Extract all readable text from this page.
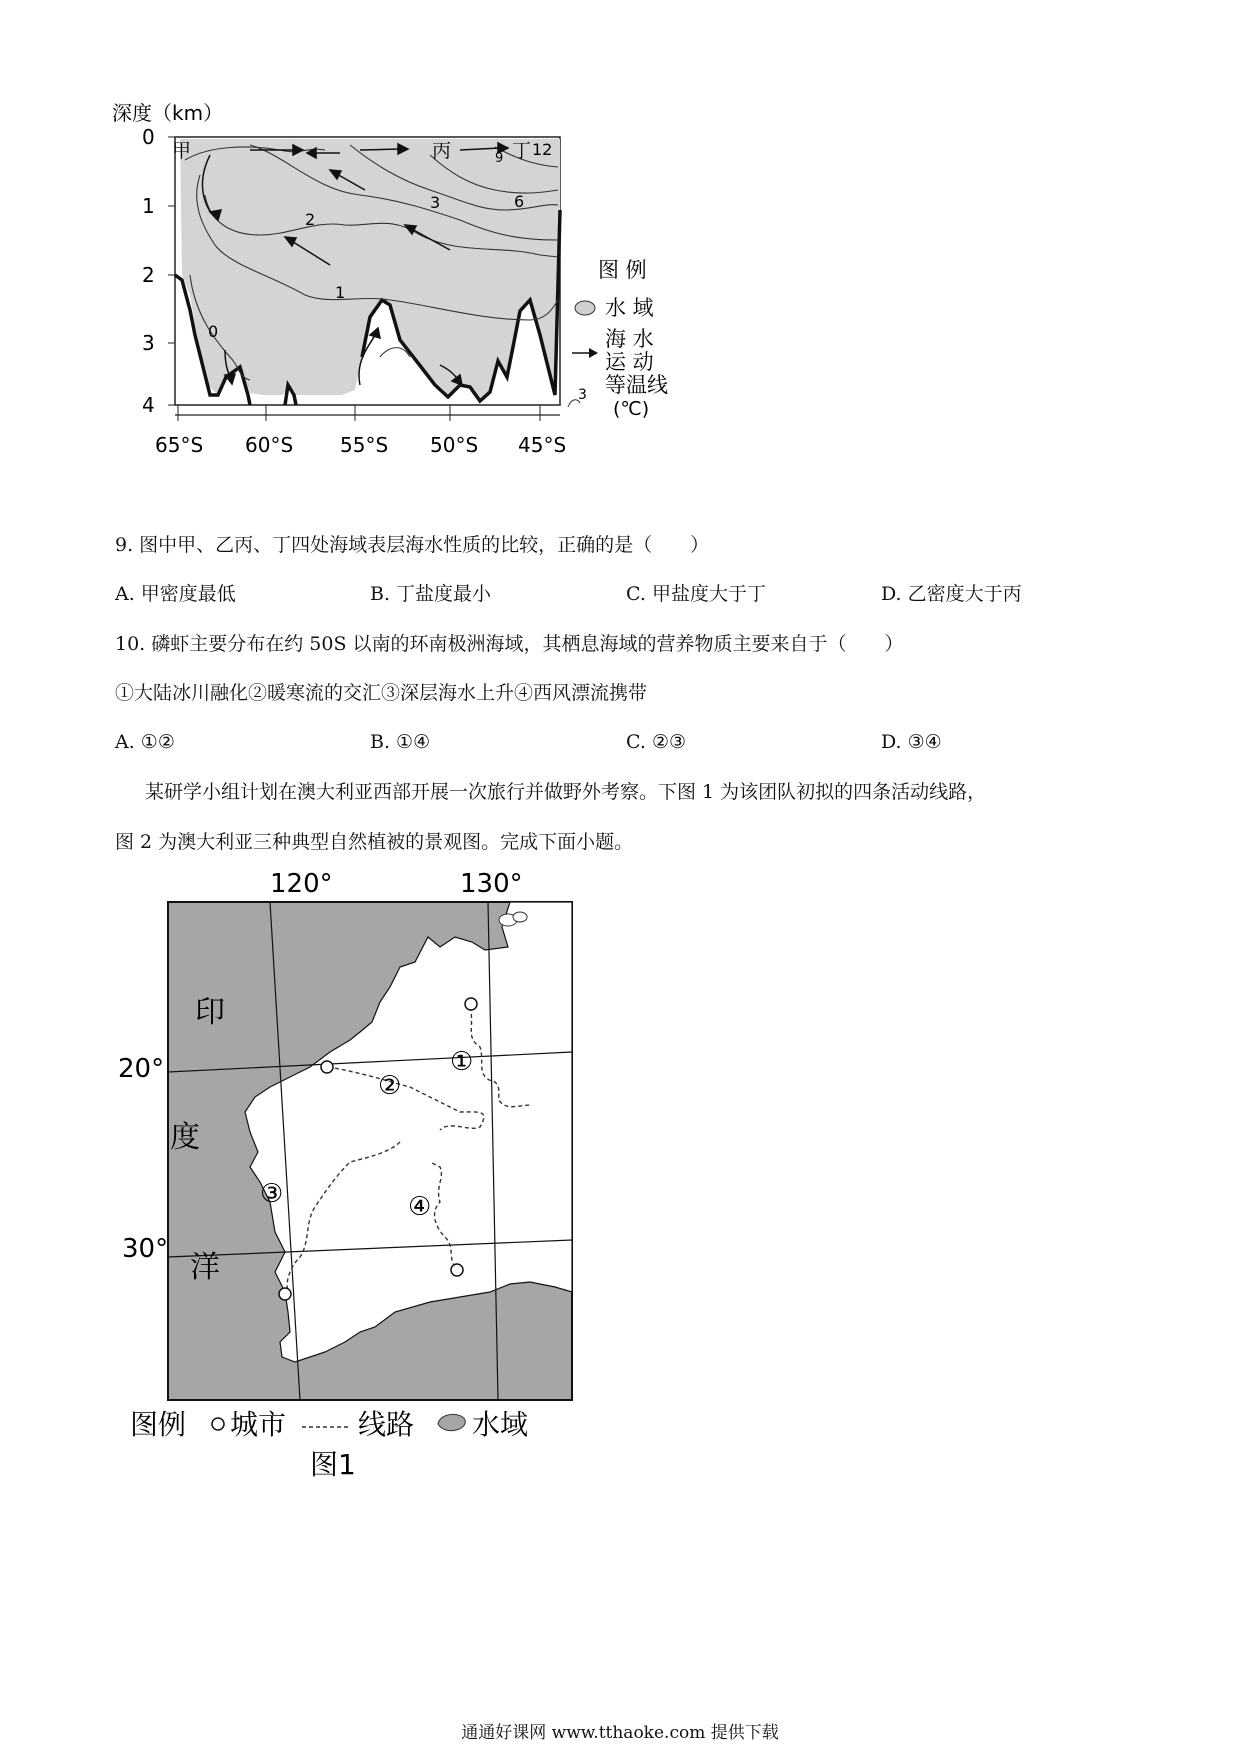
深度（km）
甲	丙	丁 12
9
6
3
2
1
0
0
1
2
3
4
65°S 60°S 55°S 50°S 45°S
图 例
水 域
海 水
运 动
3 等温线
(℃)
9. 图中甲、乙丙、丁四处海域表层海水性质的比较，正确的是（　　）
A. 甲密度最低	B. 丁盐度最小	C. 甲盐度大于丁	D. 乙密度大于丙
10. 磷虾主要分布在约 50S 以南的环南极洲海域，其栖息海域的营养物质主要来自于（　　）
①大陆冰川融化②暖寒流的交汇③深层海水上升④西风漂流携带
A. ①②	B. ①④	C. ②③	D. ③④
某研学小组计划在澳大利亚西部开展一次旅行并做野外考察。下图 1 为该团队初拟的四条活动线路，
图 2 为澳大利亚三种典型自然植被的景观图。完成下面小题。
120°	130°
20°
30°
印
度
洋
①
②
③	④
图例 城市	线路 水域
图1
通通好课网 www.tthaoke.com 提供下载
